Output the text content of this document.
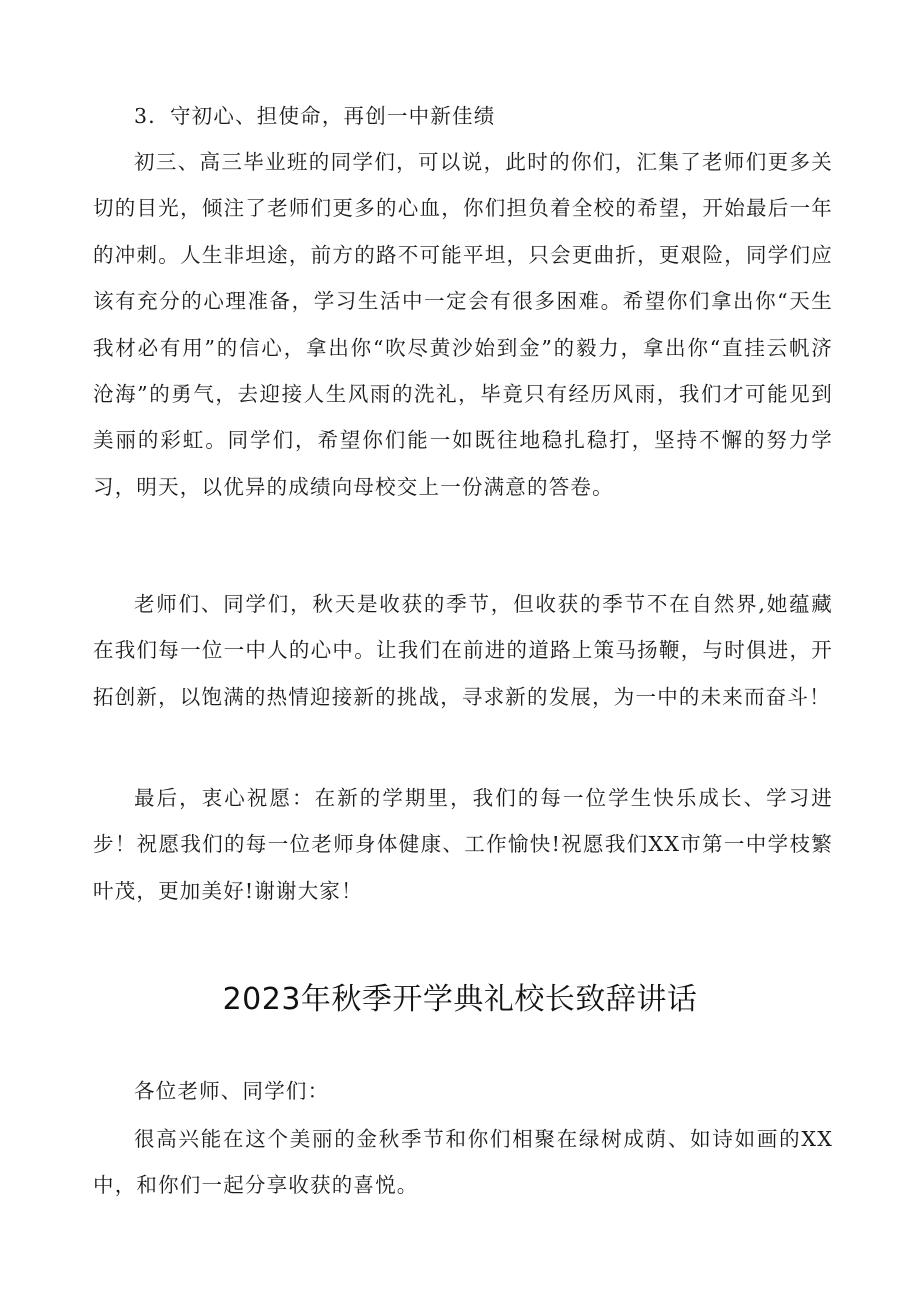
3．守初心、担使命，再创一中新佳绩

初三、高三毕业班的同学们，可以说，此时的你们，汇集了老师们更多关切的目光，倾注了老师们更多的心血，你们担负着全校的希望，开始最后一年的冲刺。人生非坦途，前方的路不可能平坦，只会更曲折，更艰险，同学们应该有充分的心理准备，学习生活中一定会有很多困难。希望你们拿出你“天生我材必有用”的信心，拿出你“吹尽黄沙始到金”的毅力，拿出你“直挂云帆济沧海”的勇气，去迎接人生风雨的洗礼，毕竟只有经历风雨，我们才可能见到美丽的彩虹。同学们，希望你们能一如既往地稳扎稳打，坚持不懈的努力学习，明天，以优异的成绩向母校交上一份满意的答卷。

老师们、同学们，秋天是收获的季节，但收获的季节不在自然界,她蕴藏在我们每一位一中人的心中。让我们在前进的道路上策马扬鞭，与时俱进，开拓创新，以饱满的热情迎接新的挑战，寻求新的发展，为一中的未来而奋斗！

最后，衷心祝愿：在新的学期里，我们的每一位学生快乐成长、学习进步！祝愿我们的每一位老师身体健康、工作愉快!祝愿我们XX市第一中学枝繁叶茂，更加美好!谢谢大家！

2023年秋季开学典礼校长致辞讲话

各位老师、同学们：

很高兴能在这个美丽的金秋季节和你们相聚在绿树成荫、如诗如画的XX中，和你们一起分享收获的喜悦。
